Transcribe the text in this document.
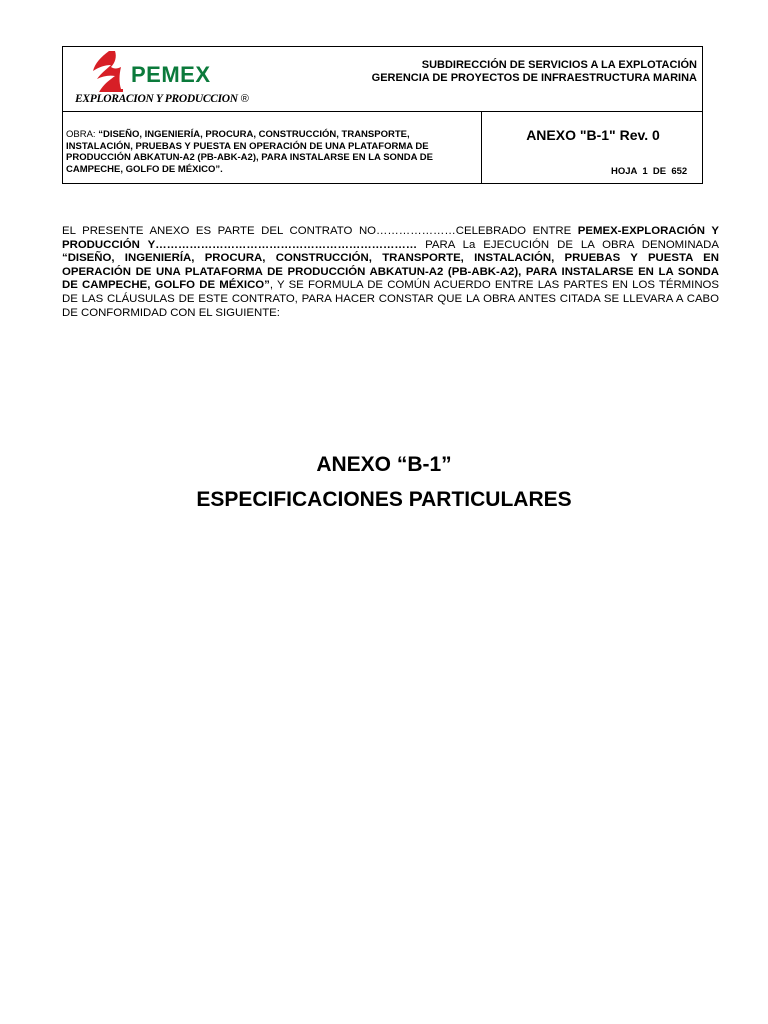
PEMEX
EXPLORACION Y PRODUCCION ®
SUBDIRECCIÓN DE SERVICIOS A LA EXPLOTACIÓN
GERENCIA DE PROYECTOS DE INFRAESTRUCTURA MARINA
OBRA: “DISEÑO, INGENIERÍA, PROCURA, CONSTRUCCIÓN, TRANSPORTE, INSTALACIÓN, PRUEBAS Y PUESTA EN OPERACIÓN DE UNA PLATAFORMA DE PRODUCCIÓN ABKATUN-A2 (PB-ABK-A2), PARA INSTALARSE EN LA SONDA DE CAMPECHE, GOLFO DE MÉXICO”.
ANEXO "B-1" Rev. 0
HOJA  1  DE  652
EL PRESENTE ANEXO ES PARTE DEL CONTRATO NO…………………CELEBRADO ENTRE PEMEX-EXPLORACIÓN Y PRODUCCIÓN Y…………………………………………………………… PARA La EJECUCIÓN DE LA OBRA DENOMINADA “DISEÑO, INGENIERÍA, PROCURA, CONSTRUCCIÓN, TRANSPORTE, INSTALACIÓN, PRUEBAS Y PUESTA EN OPERACIÓN DE UNA PLATAFORMA DE PRODUCCIÓN ABKATUN-A2 (PB-ABK-A2), PARA INSTALARSE EN LA SONDA DE CAMPECHE, GOLFO DE MÉXICO”, Y SE FORMULA DE COMÚN ACUERDO ENTRE LAS PARTES EN LOS TÉRMINOS DE LAS CLÁUSULAS DE ESTE CONTRATO, PARA HACER CONSTAR QUE LA OBRA ANTES CITADA SE LLEVARA A CABO DE CONFORMIDAD CON EL SIGUIENTE:
ANEXO “B-1”
ESPECIFICACIONES PARTICULARES
